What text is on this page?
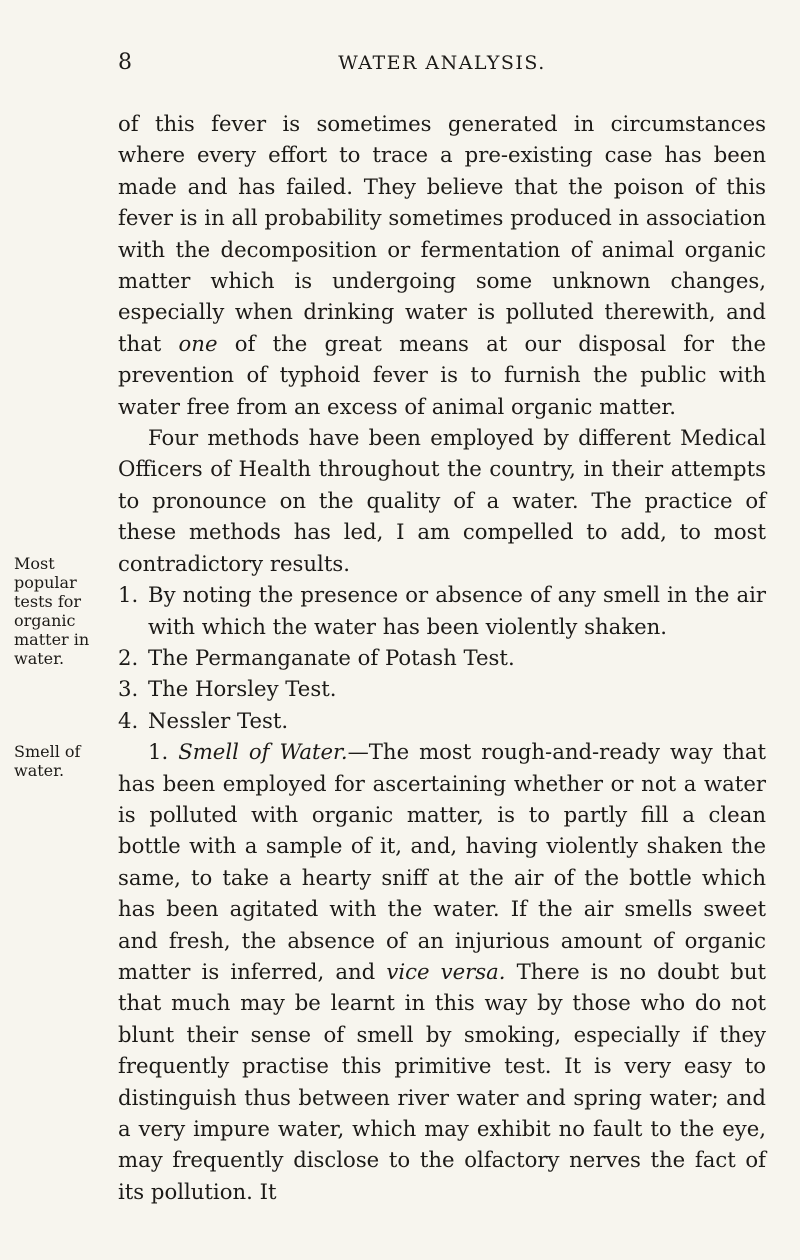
8	WATER ANALYSIS.
Most
popular
tests for
organic
matter in
water.
Smell of
water.

of this fever is sometimes generated in circumstances where every effort to trace a pre-existing case has been made and has failed. They believe that the poison of this fever is in all probability sometimes produced in association with the decomposition or fermentation of animal organic matter which is undergoing some unknown changes, especially when drinking water is polluted therewith, and that one of the great means at our disposal for the prevention of typhoid fever is to furnish the public with water free from an excess of animal organic matter.

Four methods have been employed by different Medical Officers of Health throughout the country, in their attempts to pronounce on the quality of a water. The practice of these methods has led, I am compelled to add, to most contradictory results.

1. By noting the presence or absence of any smell in the air with which the water has been violently shaken.

2. The Permanganate of Potash Test.

3. The Horsley Test.

4. Nessler Test.

1. Smell of Water.—The most rough-and-ready way that has been employed for ascertaining whether or not a water is polluted with organic matter, is to partly fill a clean bottle with a sample of it, and, having violently shaken the same, to take a hearty sniff at the air of the bottle which has been agitated with the water. If the air smells sweet and fresh, the absence of an injurious amount of organic matter is inferred, and vice versa. There is no doubt but that much may be learnt in this way by those who do not blunt their sense of smell by smoking, especially if they frequently practise this primitive test. It is very easy to distinguish thus between river water and spring water; and a very impure water, which may exhibit no fault to the eye, may frequently disclose to the olfactory nerves the fact of its pollution. It
